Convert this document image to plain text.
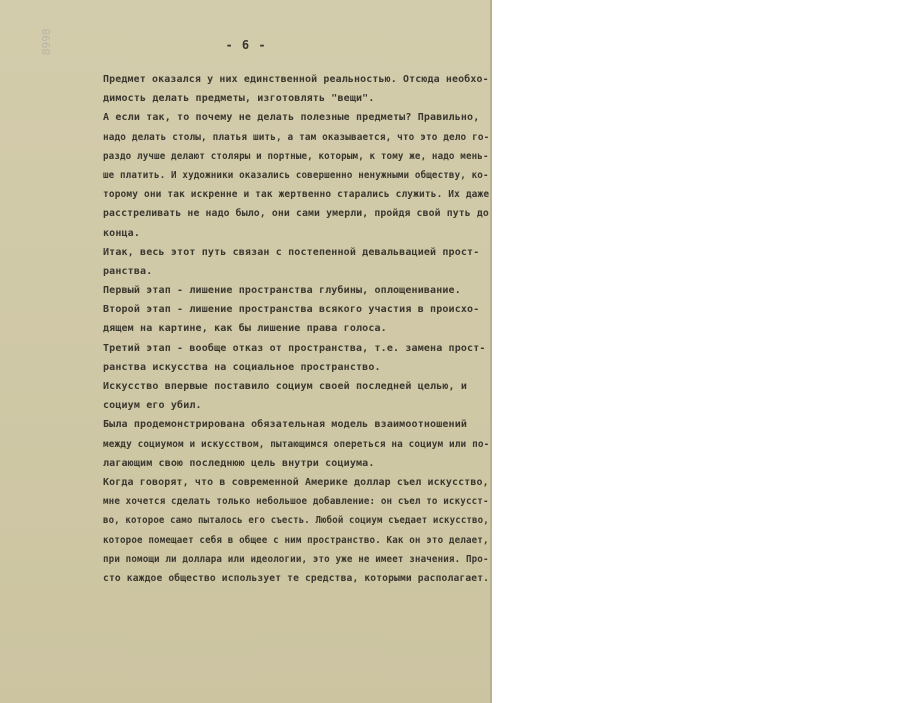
8998	- 6 -
Предмет оказался у них единственной реальностью. Отсюда необхо-
димость делать предметы, изготовлять "вещи".
А если так, то почему не делать полезные предметы? Правильно,
надо делать столы, платья шить, а там оказывается, что это дело го-
раздо лучше делают столяры и портные, которым, к тому же, надо мень-
ше платить. И художники оказались совершенно ненужными обществу, ко-
торому они так искренне и так жертвенно старались служить. Их даже
расстреливать не надо было, они сами умерли, пройдя свой путь до
конца.
Итак, весь этот путь связан с постепенной девальвацией прост-
ранства.
Первый этап - лишение пространства глубины, оплощенивание.
Второй этап - лишение пространства всякого участия в происхо-
дящем на картине, как бы лишение права голоса.
Третий этап - вообще отказ от пространства, т.е. замена прост-
ранства искусства на социальное пространство.
Искусство впервые поставило социум своей последней целью, и
социум его убил.
Была продемонстрирована обязательная модель взаимоотношений
между социумом и искусством, пытающимся опереться на социум или по-
лагающим свою последнюю цель внутри социума.
Когда говорят, что в современной Америке доллар съел искусство,
мне хочется сделать только небольшое добавление: он съел то искусст-
во, которое само пыталось его съесть. Любой социум съедает искусство,
которое помещает себя в общее с ним пространство. Как он это делает,
при помощи ли доллара или идеологии, это уже не имеет значения. Про-
сто каждое общество использует те средства, которыми располагает.
